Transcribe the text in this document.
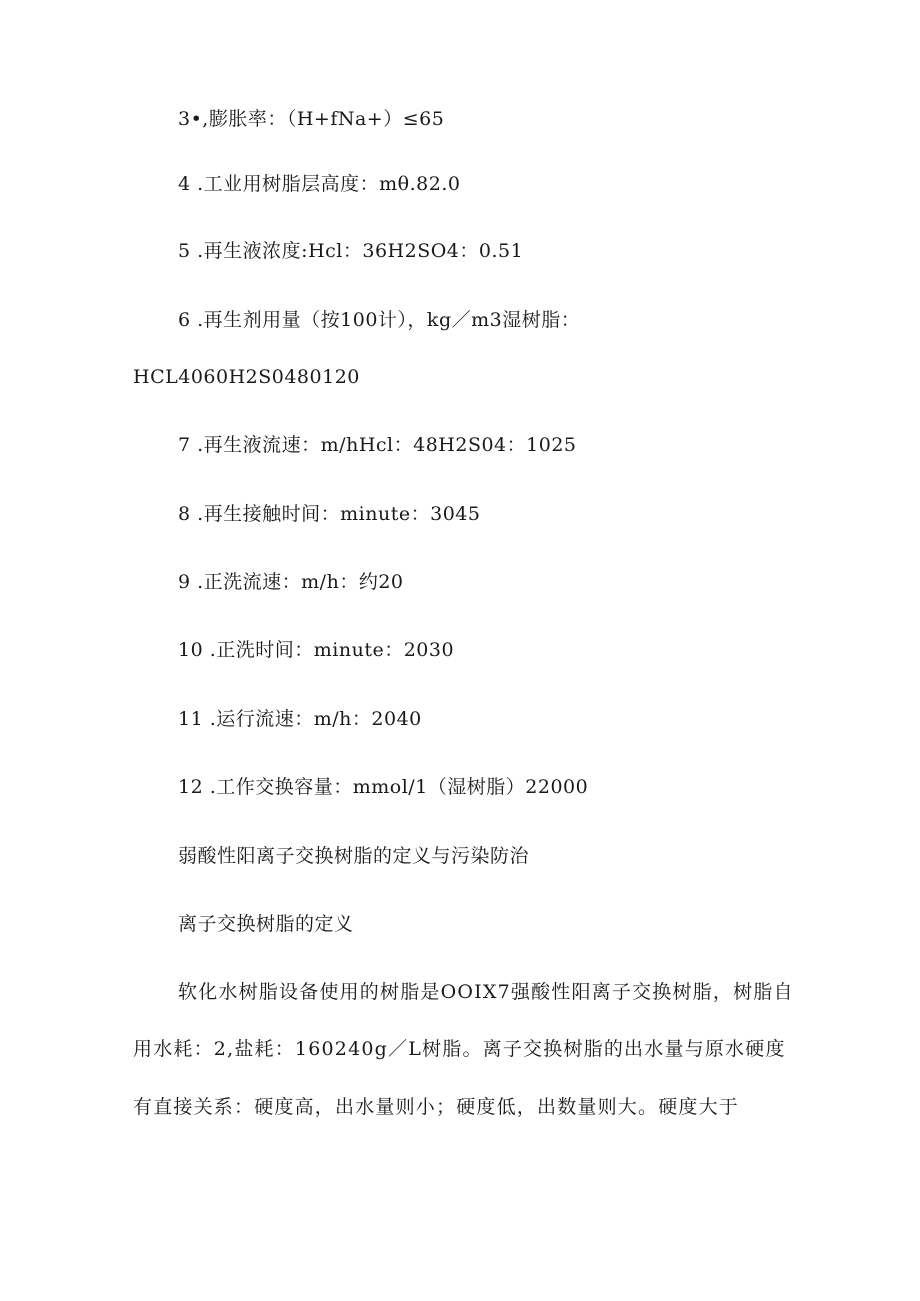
3•,膨胀率：（H+fNa+）≤65
4 .工业用树脂层高度：mθ.82.0
5 .再生液浓度:Hcl：36H2SO4：0.51
6 .再生剂用量（按100计），kg／m3湿树脂：
HCL4060H2S0480120
7 .再生液流速：m/hHcl：48H2S04：1025
8 .再生接触时间：minute：3045
9 .正洗流速：m/h：约20
10 .正洗时间：minute：2030
11 .运行流速：m/h：2040
12 .工作交换容量：mmol/1（湿树脂）22000
弱酸性阳离子交换树脂的定义与污染防治
离子交换树脂的定义
软化水树脂设备使用的树脂是OOIX7强酸性阳离子交换树脂，树脂自
用水耗：2,盐耗：160240g／L树脂。离子交换树脂的出水量与原水硬度
有直接关系：硬度高，出水量则小；硬度低，出数量则大。硬度大于
